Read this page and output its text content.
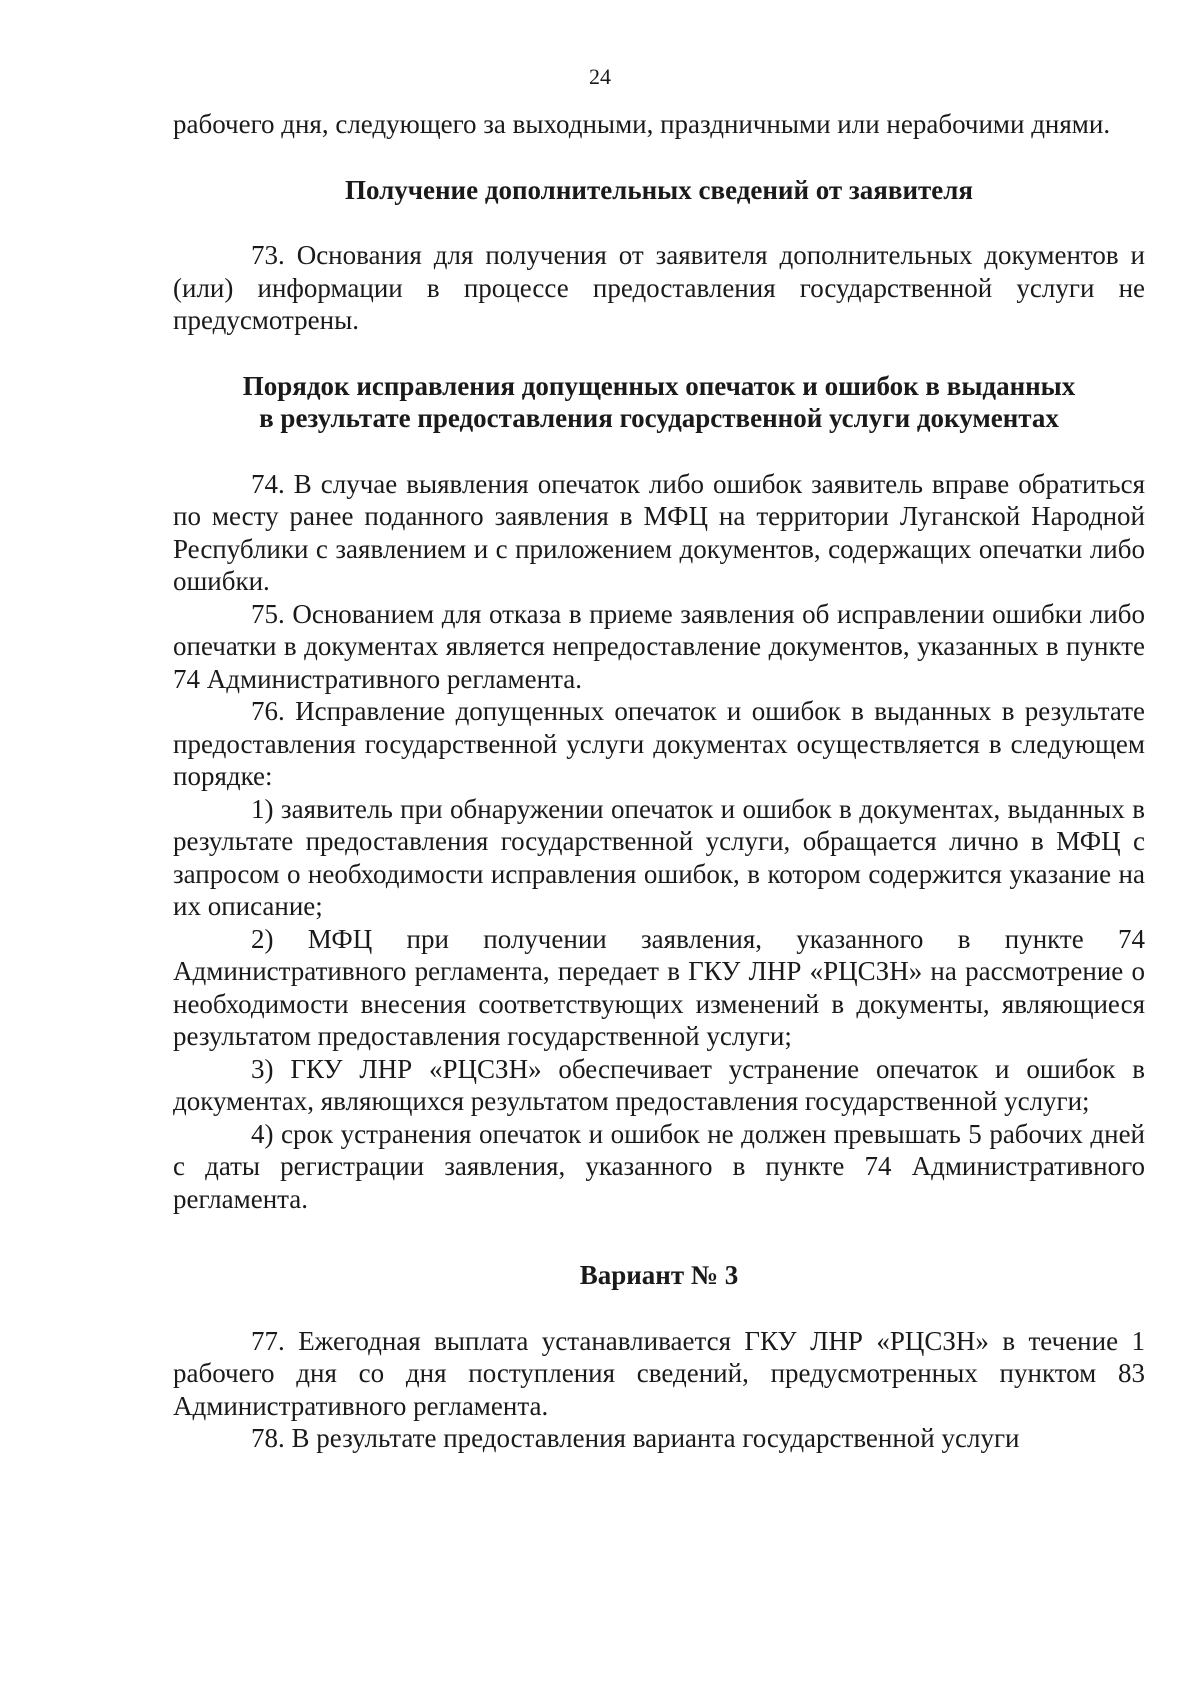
24

рабочего дня, следующего за выходными, праздничными или нерабочими днями.

Получение дополнительных сведений от заявителя

73. Основания для получения от заявителя дополнительных документов и (или) информации в процессе предоставления государственной услуги не предусмотрены.

Порядок исправления допущенных опечаток и ошибок в выданных
в результате предоставления государственной услуги документах

74. В случае выявления опечаток либо ошибок заявитель вправе обратиться по месту ранее поданного заявления в МФЦ на территории Луганской Народной Республики с заявлением и с приложением документов, содержащих опечатки либо ошибки.

75. Основанием для отказа в приеме заявления об исправлении ошибки либо опечатки в документах является непредоставление документов, указанных в пункте 74 Административного регламента.

76. Исправление допущенных опечаток и ошибок в выданных в результате предоставления государственной услуги документах осуществляется в следующем порядке:

1) заявитель при обнаружении опечаток и ошибок в документах, выданных в результате предоставления государственной услуги, обращается лично в МФЦ с запросом о необходимости исправления ошибок, в котором содержится указание на их описание;

2) МФЦ при получении заявления, указанного в пункте 74 Административного регламента, передает в ГКУ ЛНР «РЦСЗН» на рассмотрение о необходимости внесения соответствующих изменений в документы, являющиеся результатом предоставления государственной услуги;

3) ГКУ ЛНР «РЦСЗН» обеспечивает устранение опечаток и ошибок в документах, являющихся результатом предоставления государственной услуги;

4) срок устранения опечаток и ошибок не должен превышать 5 рабочих дней с даты регистрации заявления, указанного в пункте 74 Административного регламента.

Вариант № 3

77. Ежегодная выплата устанавливается ГКУ ЛНР «РЦСЗН» в течение 1 рабочего дня со дня поступления сведений, предусмотренных пунктом 83 Административного регламента.

78. В результате предоставления варианта государственной услуги
